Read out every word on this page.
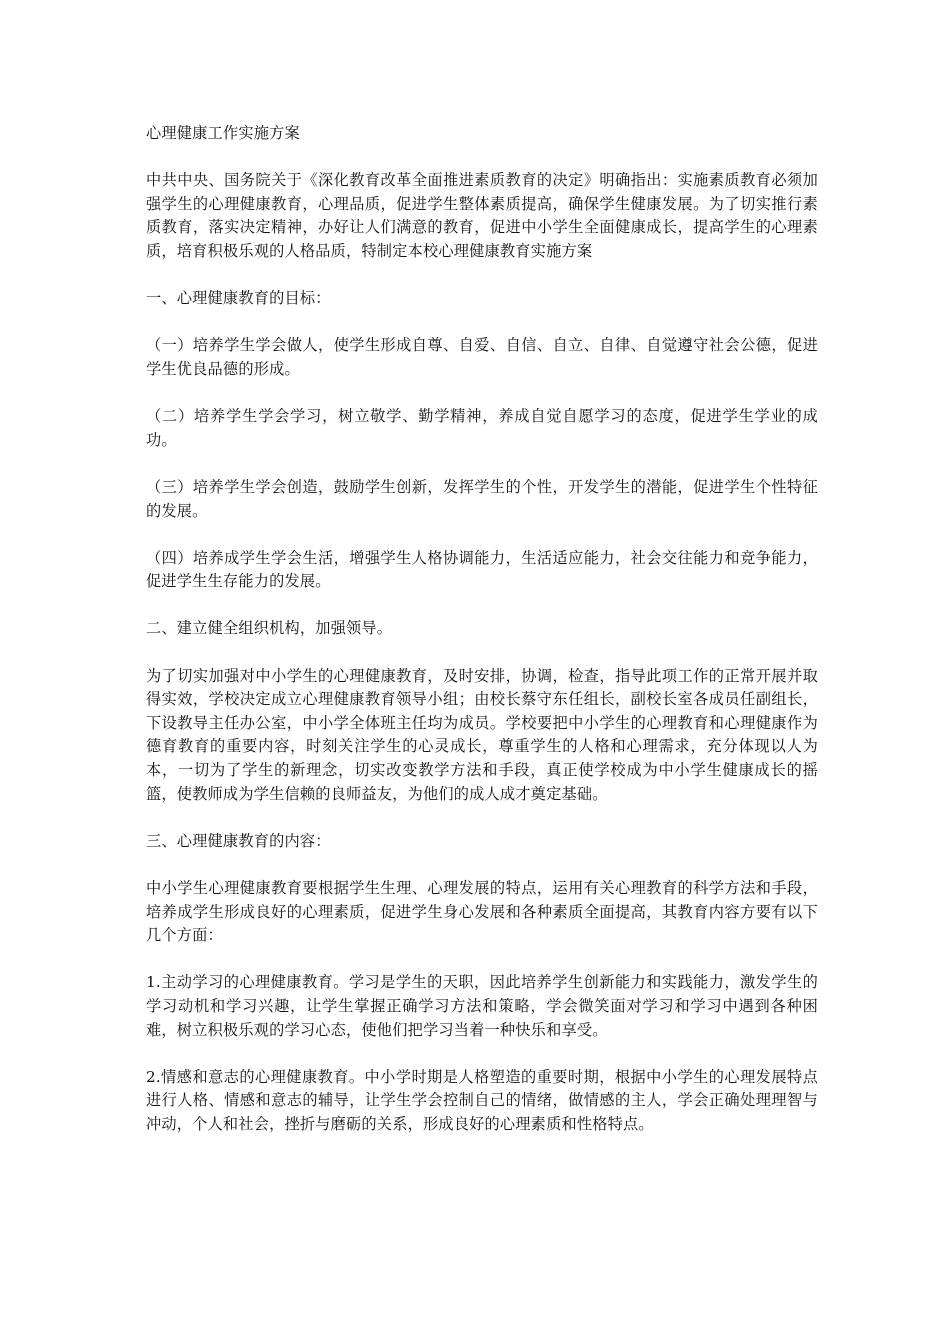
心理健康工作实施方案

中共中央、国务院关于《深化教育改革全面推进素质教育的决定》明确指出：实施素质教育必须加强学生的心理健康教育，心理品质，促进学生整体素质提高，确保学生健康发展。为了切实推行素质教育，落实决定精神，办好让人们满意的教育，促进中小学生全面健康成长，提高学生的心理素质，培育积极乐观的人格品质，特制定本校心理健康教育实施方案

一、心理健康教育的目标：

（一）培养学生学会做人，使学生形成自尊、自爱、自信、自立、自律、自觉遵守社会公德，促进学生优良品德的形成。

（二）培养学生学会学习，树立敬学、勤学精神，养成自觉自愿学习的态度，促进学生学业的成功。

（三）培养学生学会创造，鼓励学生创新，发挥学生的个性，开发学生的潜能，促进学生个性特征的发展。

（四）培养成学生学会生活，增强学生人格协调能力，生活适应能力，社会交往能力和竞争能力，促进学生生存能力的发展。

二、建立健全组织机构，加强领导。

为了切实加强对中小学生的心理健康教育，及时安排，协调，检查，指导此项工作的正常开展并取得实效，学校决定成立心理健康教育领导小组；由校长蔡守东任组长，副校长室各成员任副组长，下设教导主任办公室，中小学全体班主任均为成员。学校要把中小学生的心理教育和心理健康作为德育教育的重要内容，时刻关注学生的心灵成长，尊重学生的人格和心理需求，充分体现以人为本，一切为了学生的新理念，切实改变教学方法和手段，真正使学校成为中小学生健康成长的摇篮，使教师成为学生信赖的良师益友，为他们的成人成才奠定基础。

三、心理健康教育的内容：

中小学生心理健康教育要根据学生生理、心理发展的特点，运用有关心理教育的科学方法和手段，培养成学生形成良好的心理素质，促进学生身心发展和各种素质全面提高，其教育内容方要有以下几个方面：

1.主动学习的心理健康教育。学习是学生的天职，因此培养学生创新能力和实践能力，激发学生的学习动机和学习兴趣，让学生掌握正确学习方法和策略，学会微笑面对学习和学习中遇到各种困难，树立积极乐观的学习心态，使他们把学习当着一种快乐和享受。

2.情感和意志的心理健康教育。中小学时期是人格塑造的重要时期，根据中小学生的心理发展特点进行人格、情感和意志的辅导，让学生学会控制自己的情绪，做情感的主人，学会正确处理理智与冲动，个人和社会，挫折与磨砺的关系，形成良好的心理素质和性格特点。
